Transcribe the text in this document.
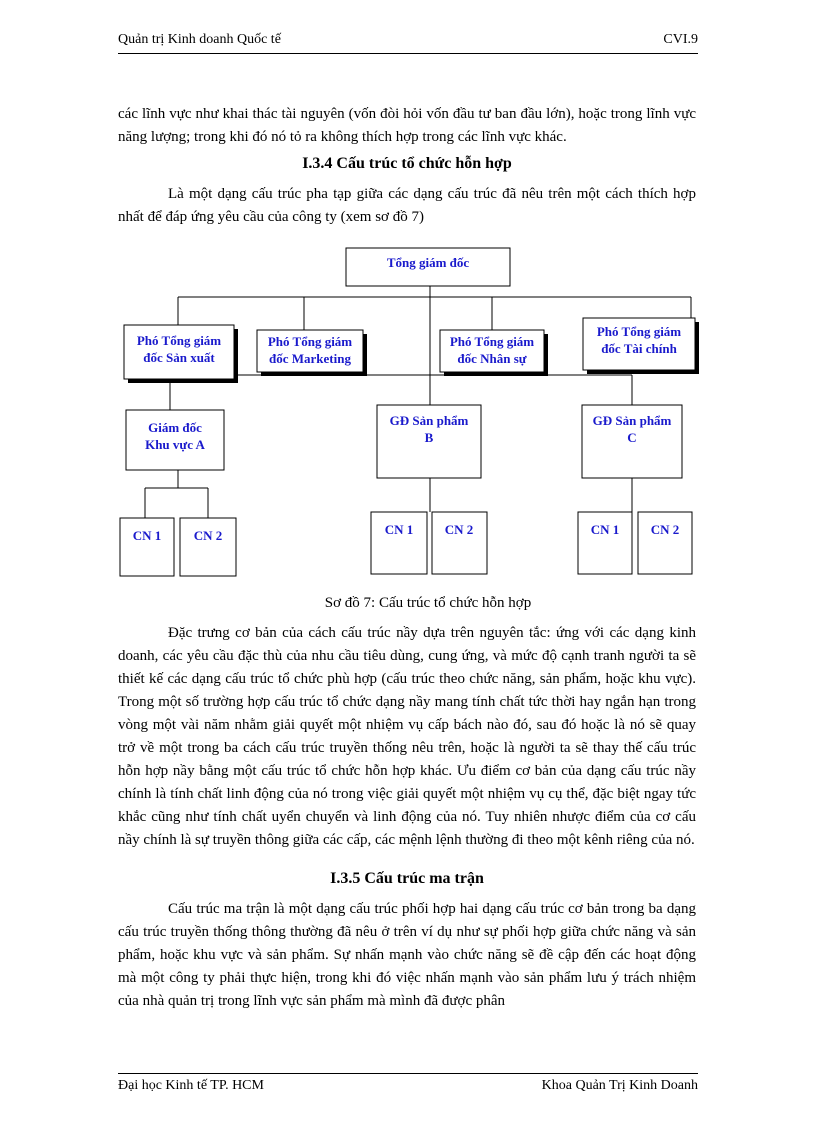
Quản trị Kinh doanh Quốc tế	CVI.9

các lĩnh vực như khai thác tài nguyên (vốn đòi hỏi vốn đầu tư ban đầu lớn), hoặc trong lĩnh vực năng lượng; trong khi đó nó tỏ ra không thích hợp trong các lĩnh vực khác.

I.3.4 Cấu trúc tổ chức hỗn hợp

Là một dạng cấu trúc pha tạp giữa các dạng cấu trúc đã nêu trên một cách thích hợp nhất để đáp ứng yêu cầu của công ty (xem sơ đồ 7)

Tổng giám đốc
Phó Tổng giám
đốc Sản xuất
Phó Tổng giám
đốc Marketing
Phó Tổng giám
đốc Nhân sự
Phó Tổng giám
đốc Tài chính
Giám đốc
Khu vực A
GĐ Sản phẩm
B
GĐ Sản phẩm
C
CN 1 CN 2	CN 1 CN 2	CN 1 CN 2

Sơ đồ 7: Cấu trúc tổ chức hỗn hợp

Đặc trưng cơ bản của cách cấu trúc nầy dựa trên nguyên tắc: ứng với các dạng kinh doanh, các yêu cầu đặc thù của nhu cầu tiêu dùng, cung ứng, và mức độ cạnh tranh người ta sẽ thiết kế các dạng cấu trúc tổ chức phù hợp (cấu trúc theo chức năng, sản phẩm, hoặc khu vực). Trong một số trường hợp cấu trúc tổ chức dạng nầy mang tính chất tức thời hay ngắn hạn trong vòng một vài năm nhằm giải quyết một nhiệm vụ cấp bách nào đó, sau đó hoặc là nó sẽ quay trở về một trong ba cách cấu trúc truyền thống nêu trên, hoặc là người ta sẽ thay thế cấu trúc hỗn hợp nầy bằng một cấu trúc tổ chức hỗn hợp khác. Ưu điểm cơ bản của dạng cấu trúc nầy chính là tính chất linh động của nó trong việc giải quyết một nhiệm vụ cụ thể, đặc biệt ngay tức khắc cũng như tính chất uyển chuyển và linh động của nó. Tuy nhiên nhược điểm của cơ cấu nầy chính là sự truyền thông giữa các cấp, các mệnh lệnh thường đi theo một kênh riêng của nó.

I.3.5 Cấu trúc ma trận

Cấu trúc ma trận là một dạng cấu trúc phối hợp hai dạng cấu trúc cơ bản trong ba dạng cấu trúc truyền thống thông thường đã nêu ở trên ví dụ như sự phối hợp giữa chức năng và sản phẩm, hoặc khu vực và sản phẩm. Sự nhấn mạnh vào chức năng sẽ đề cập đến các hoạt động mà một công ty phải thực hiện, trong khi đó việc nhấn mạnh vào sản phẩm lưu ý trách nhiệm của nhà quản trị trong lĩnh vực sản phẩm mà mình đã được phân

Đại học Kinh tế TP. HCM	Khoa Quản Trị Kinh Doanh
